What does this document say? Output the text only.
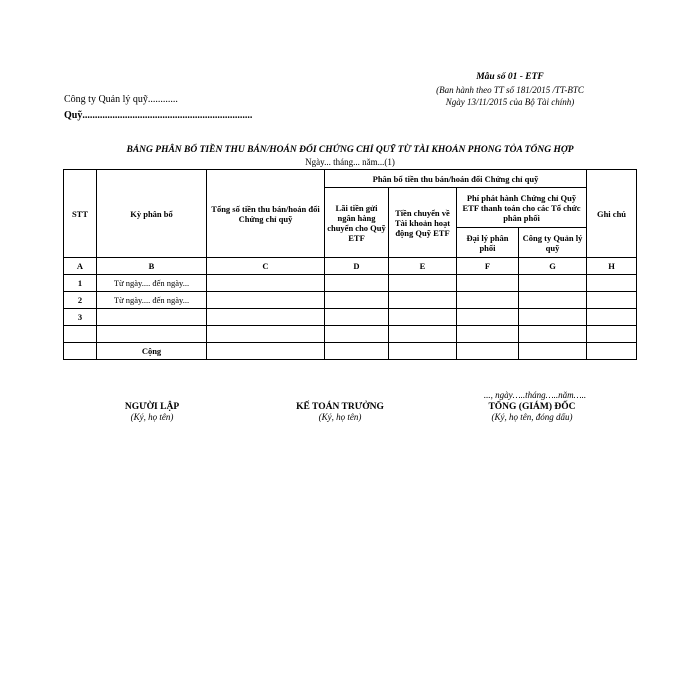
Công ty Quản lý quỹ............
Quỹ....................................................................
Mẫu số 01 - ETF
(Ban hành theo TT số 181/2015 /TT-BTC
Ngày 13/11/2015 của Bộ Tài chính)
BẢNG PHÂN BỔ TIỀN THU BÁN/HOÁN ĐỔI CHỨNG CHỈ QUỸ TỪ TÀI KHOẢN PHONG TỎA TỔNG HỢP
Ngày... tháng... năm...(1)
STT	Kỳ phân bổ	Tổng số tiền thu bán/hoán đổi Chứng chỉ quỹ	Phân bổ tiền thu bán/hoán đổi Chứng chỉ quỹ				Ghi chú
			Lãi tiền gửi ngân hàng chuyển cho Quỹ ETF	Tiền chuyển về Tài khoản hoạt động Quỹ ETF	Phí phát hành Chứng chỉ Quỹ ETF thanh toán cho các Tổ chức phân phối		
					Đại lý phân phối	Công ty Quản lý quỹ	
A	B	C	D	E	F	G	H
1	Từ ngày.... đến ngày...						
2	Từ ngày.... đến ngày...						
3							

	Cộng						
..., ngày…..tháng…..năm…..
NGƯỜI LẬP
(Ký, họ tên)
KẾ TOÁN TRƯỞNG
(Ký, họ tên)
TỔNG (GIÁM) ĐỐC
(Ký, họ tên, đóng dấu)
